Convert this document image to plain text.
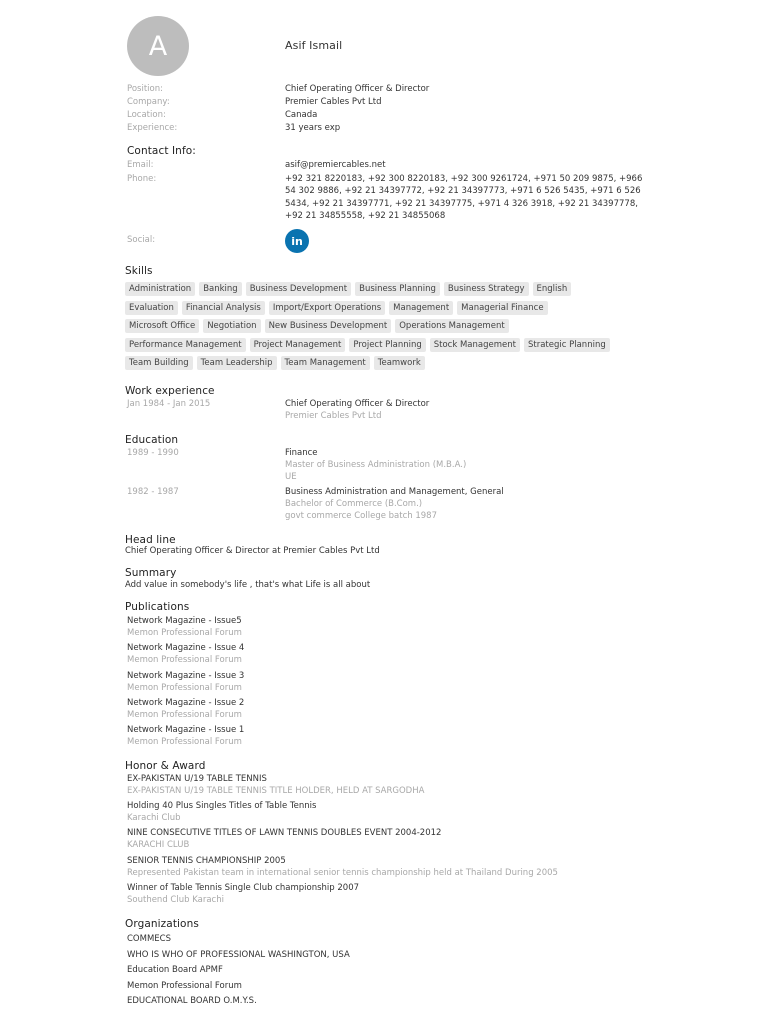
A	Asif Ismail
Position:	Chief Operating Officer & Director
Company:	Premier Cables Pvt Ltd
Location:	Canada
Experience:	31 years exp
Contact Info:
Email:	asif@premiercables.net
Phone:	+92 321 8220183, +92 300 8220183, +92 300 9261724, +971 50 209 9875, +966 54 302 9886, +92 21 34397772, +92 21 34397773, +971 6 526 5435, +971 6 526 5434, +92 21 34397771, +92 21 34397775, +971 4 326 3918, +92 21 34397778, +92 21 34855558, +92 21 34855068
Social:	in
Skills
Administration	Banking	Business Development	Business Planning	Business Strategy	English
Evaluation	Financial Analysis	Import/Export Operations	Management	Managerial Finance
Microsoft Office	Negotiation	New Business Development	Operations Management
Performance Management	Project Management	Project Planning	Stock Management	Strategic Planning
Team Building	Team Leadership	Team Management	Teamwork
Work experience
Jan 1984 - Jan 2015	Chief Operating Officer & Director
Premier Cables Pvt Ltd
Education
1989 - 1990	Finance
Master of Business Administration (M.B.A.)
UE
1982 - 1987	Business Administration and Management, General
Bachelor of Commerce (B.Com.)
govt commerce College batch 1987
Head line
Chief Operating Officer & Director at Premier Cables Pvt Ltd
Summary
Add value in somebody's life , that's what Life is all about
Publications
Network Magazine - Issue5
Memon Professional Forum
Network Magazine - Issue 4
Memon Professional Forum
Network Magazine - Issue 3
Memon Professional Forum
Network Magazine - Issue 2
Memon Professional Forum
Network Magazine - Issue 1
Memon Professional Forum
Honor & Award
EX-PAKISTAN U/19 TABLE TENNIS
EX-PAKISTAN U/19 TABLE TENNIS TITLE HOLDER, HELD AT SARGODHA
Holding 40 Plus Singles Titles of Table Tennis
Karachi Club
NINE CONSECUTIVE TITLES OF LAWN TENNIS DOUBLES EVENT 2004-2012
KARACHI CLUB
SENIOR TENNIS CHAMPIONSHIP 2005
Represented Pakistan team in international senior tennis championship held at Thailand During 2005
Winner of Table Tennis Single Club championship 2007
Southend Club Karachi
Organizations
COMMECS
WHO IS WHO OF PROFESSIONAL WASHINGTON, USA
Education Board APMF
Memon Professional Forum
EDUCATIONAL BOARD O.M.Y.S.
